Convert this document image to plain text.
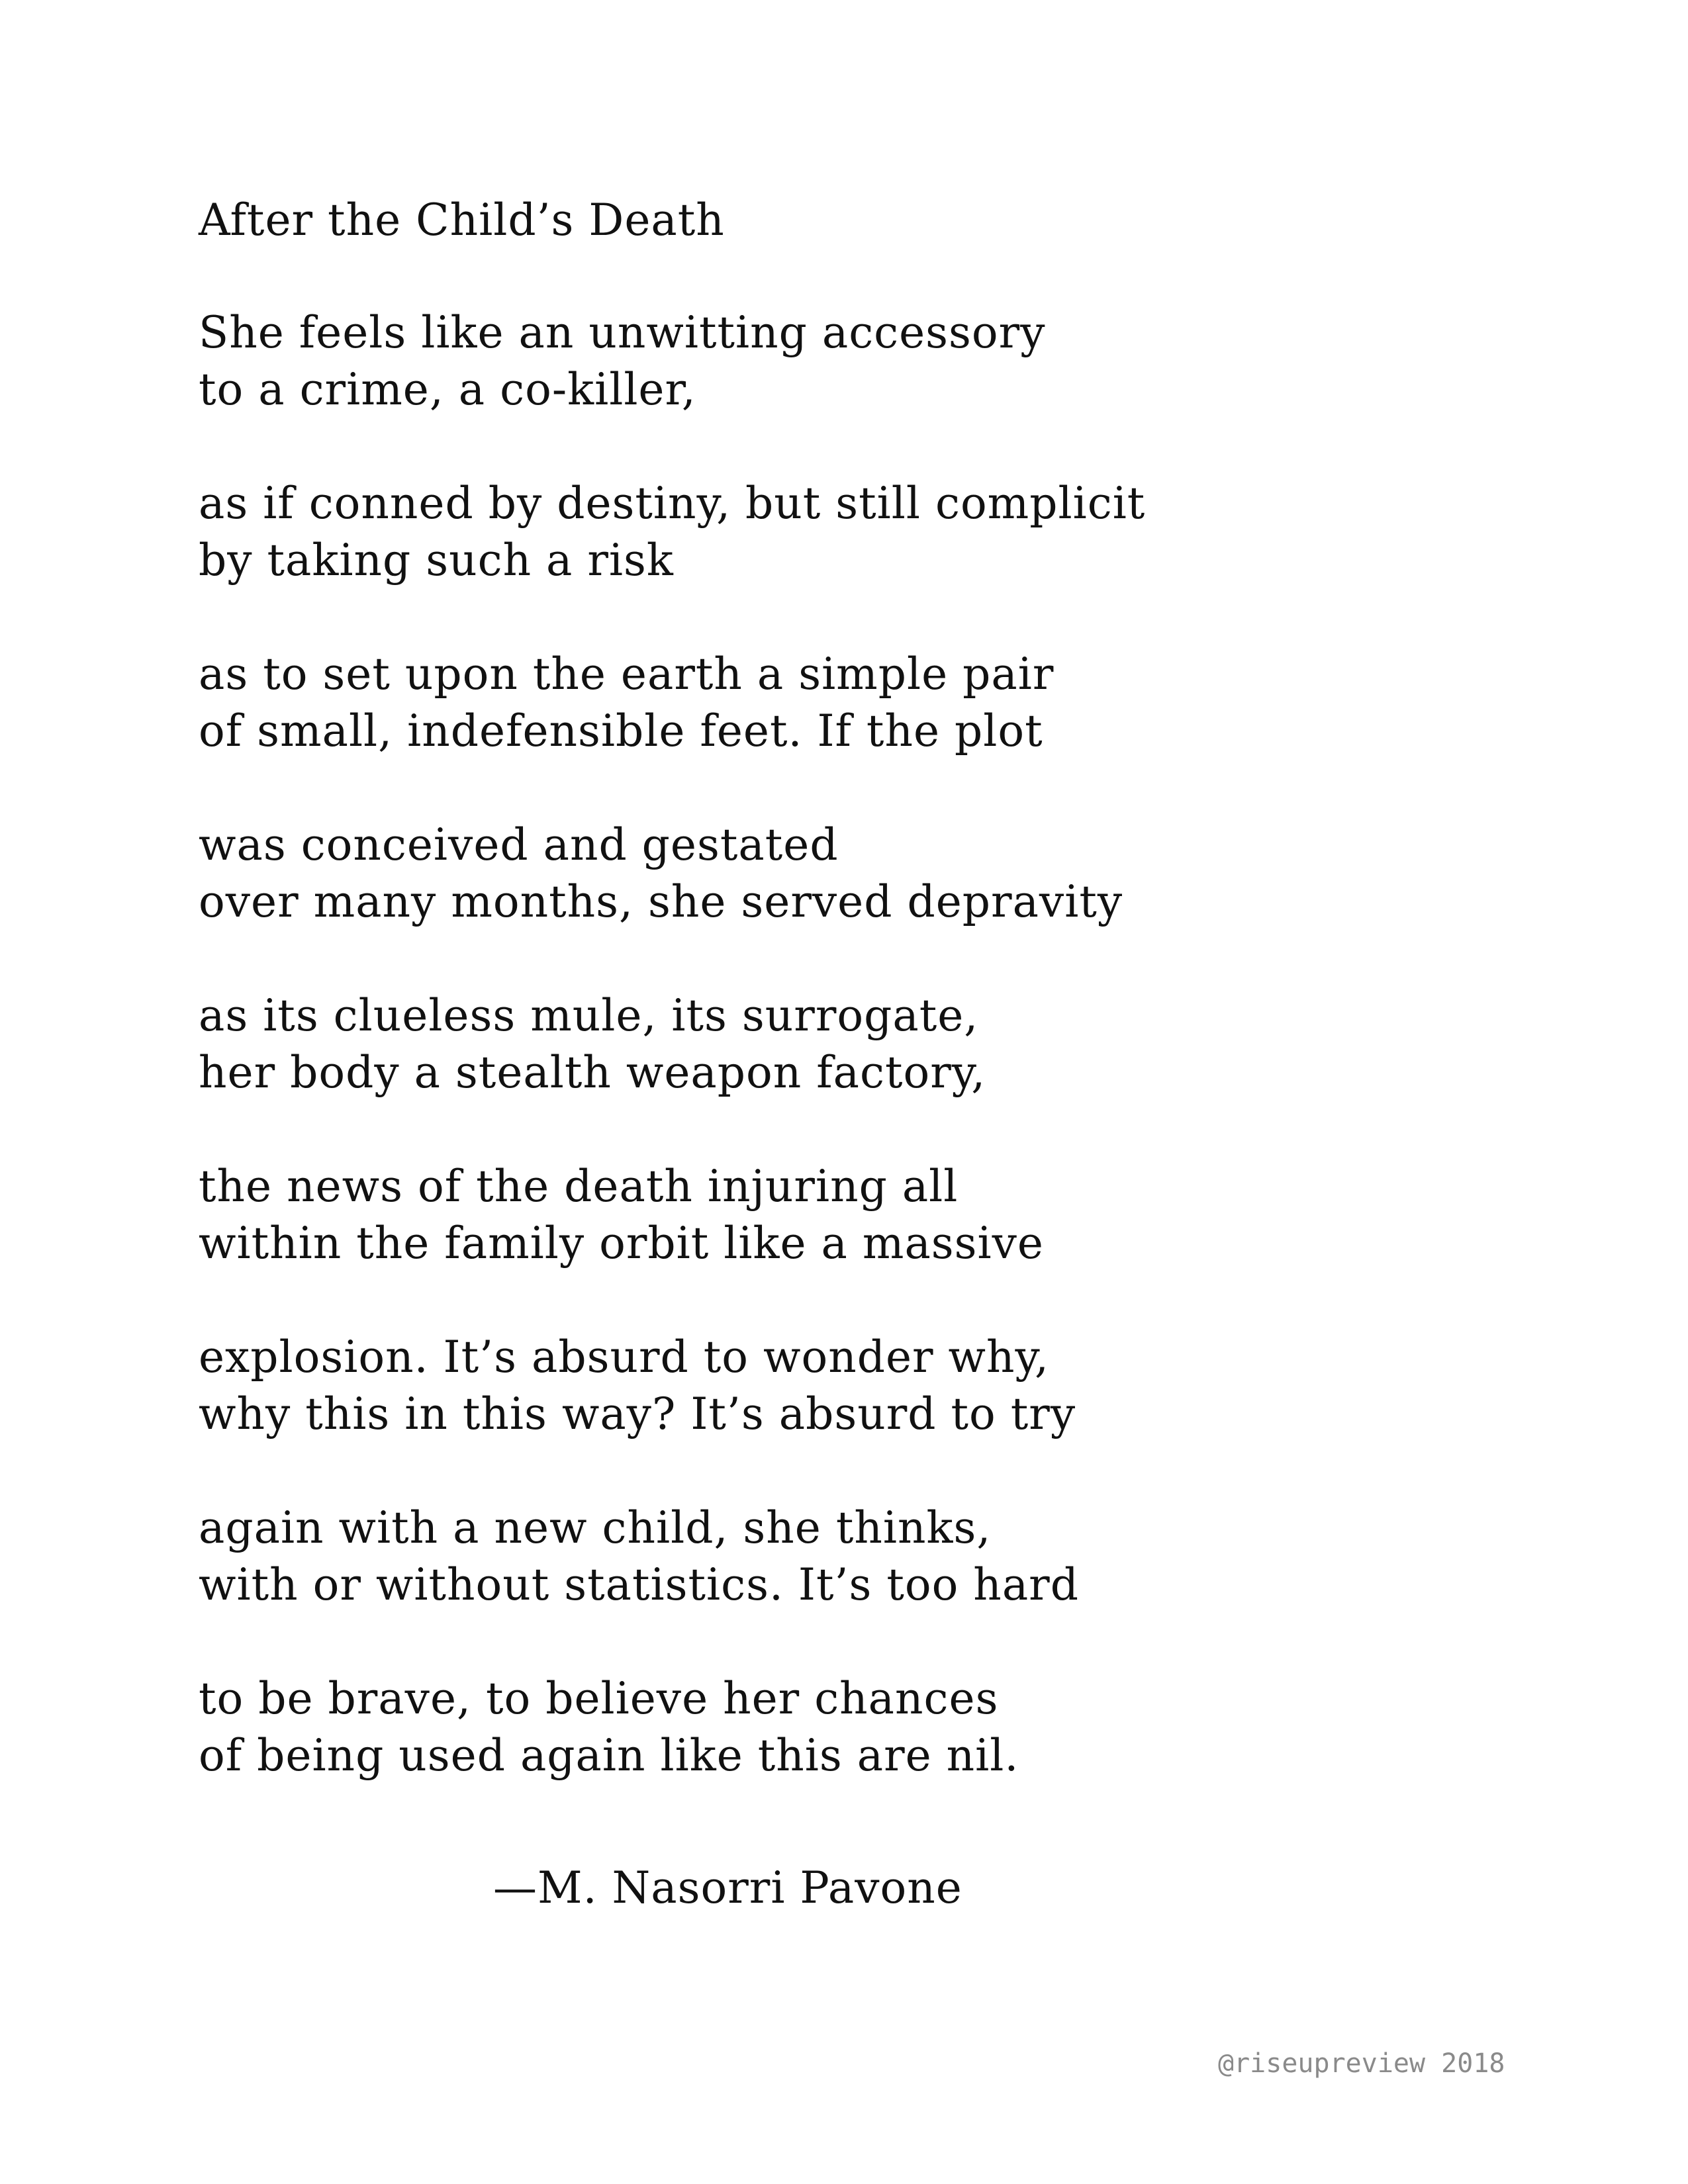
After the Child’s Death
She feels like an unwitting accessory
to a crime, a co-killer,
as if conned by destiny, but still complicit
by taking such a risk
as to set upon the earth a simple pair
of small, indefensible feet. If the plot
was conceived and gestated
over many months, she served depravity
as its clueless mule, its surrogate,
her body a stealth weapon factory,
the news of the death injuring all
within the family orbit like a massive
explosion. It’s absurd to wonder why,
why this in this way? It’s absurd to try
again with a new child, she thinks,
with or without statistics. It’s too hard
to be brave, to believe her chances
of being used again like this are nil.
—M. Nasorri Pavone
@riseupreview 2018
